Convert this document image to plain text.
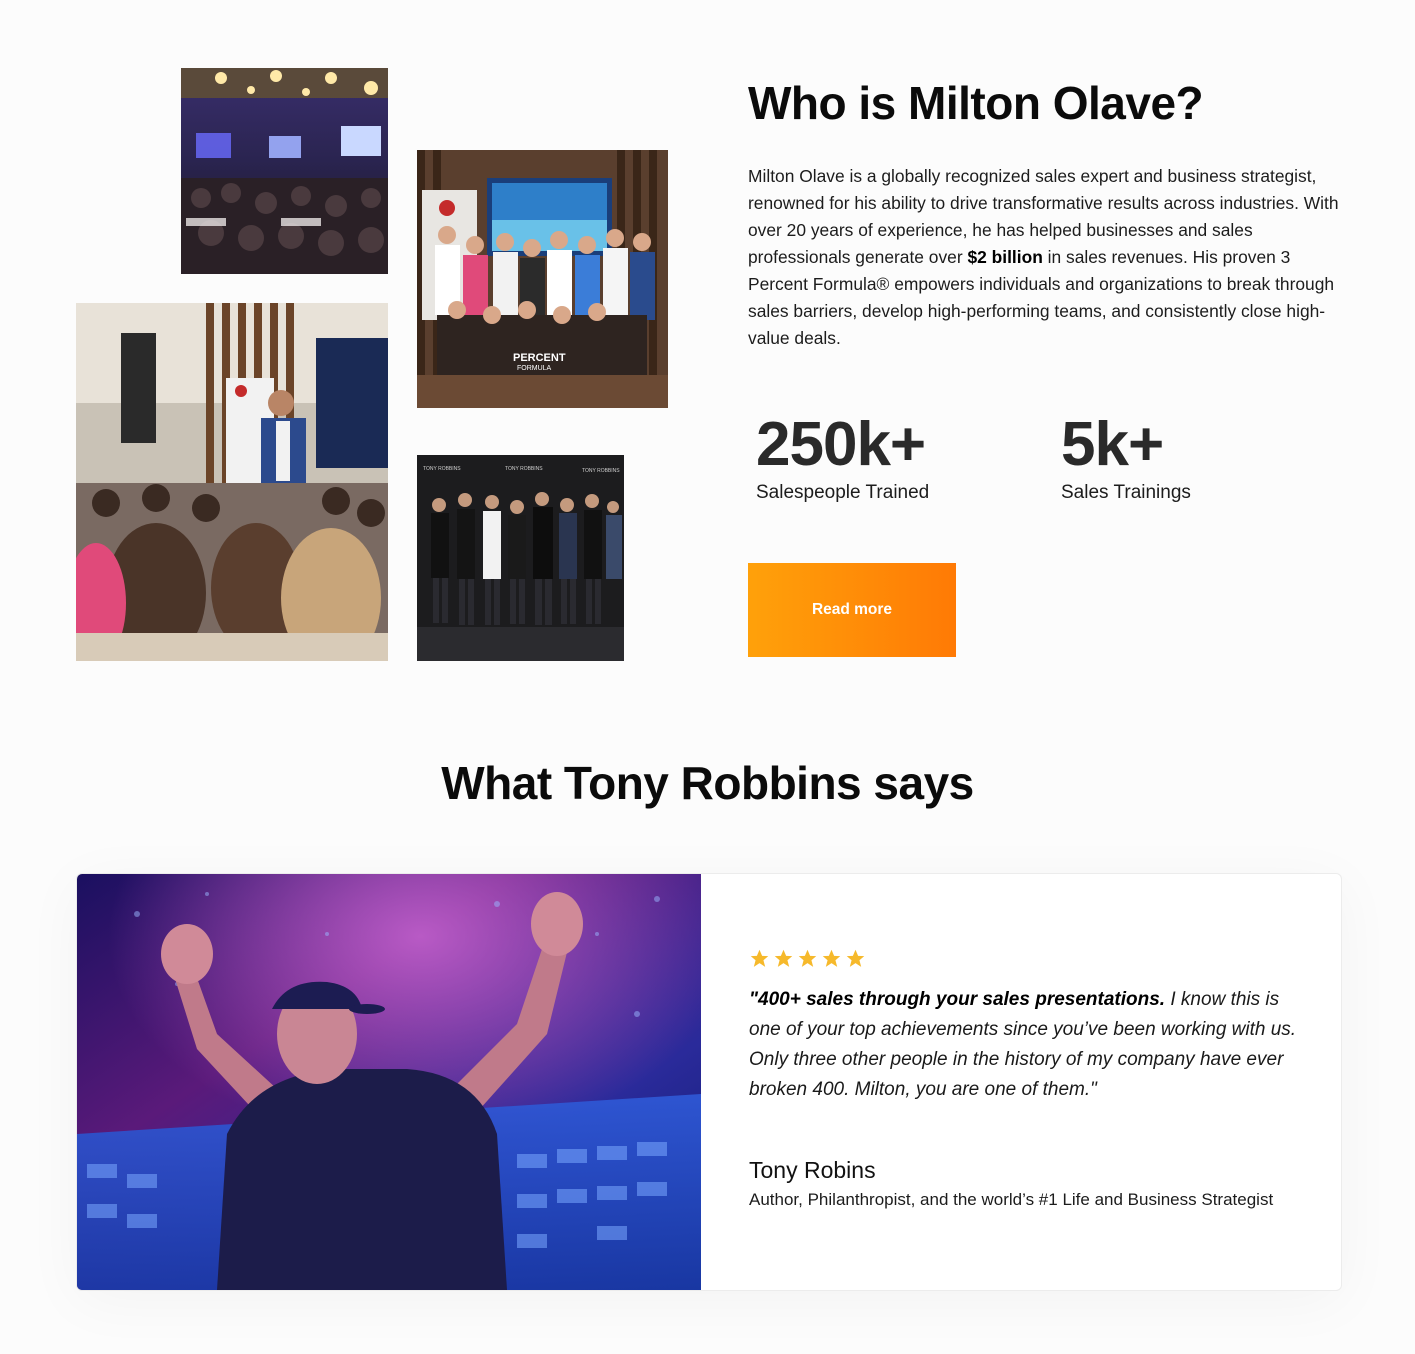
PERCENT
FORMULA
TONY ROBBINS	TONY ROBBINS	TONY ROBBINS
Who is Milton Olave?

Milton Olave is a globally recognized sales expert and business strategist, renowned for his ability to drive transformative results across industries. With over 20 years of experience, he has helped businesses and sales professionals generate over $2 billion in sales revenues. His proven 3 Percent Formula® empowers individuals and organizations to break through sales barriers, develop high-performing teams, and consistently close high-value deals.

250k+
Salespeople Trained
5k+
Sales Trainings
Read more
What Tony Robbins says

"400+ sales through your sales presentations. I know this is one of your top achievements since you’ve been working with us. Only three other people in the history of my company have ever broken 400. Milton, you are one of them."

Tony Robins

Author, Philanthropist, and the world’s #1 Life and Business Strategist
